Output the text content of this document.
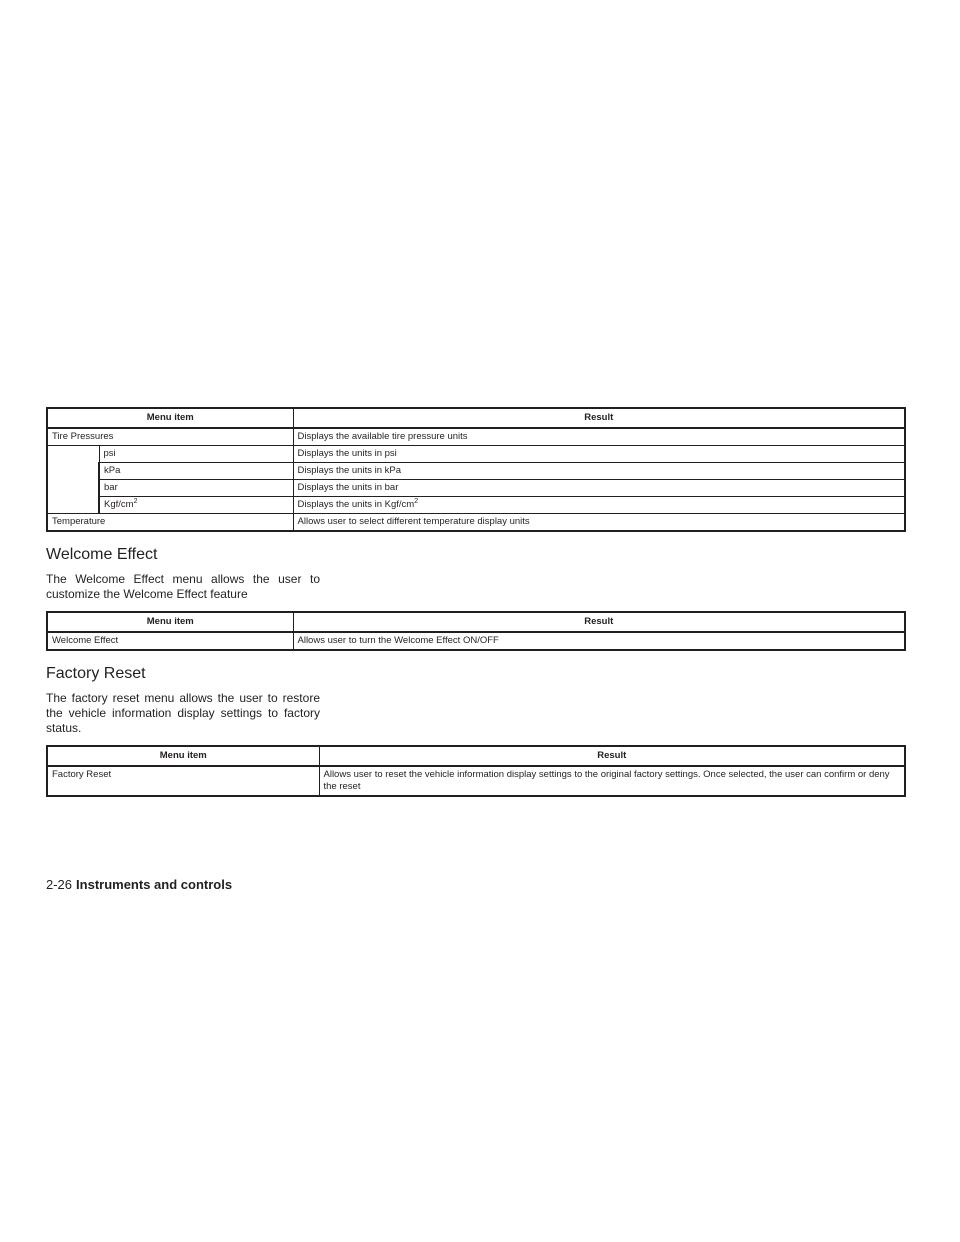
Menu item		Result
Tire Pressures		Displays the available tire pressure units
	psi	Displays the units in psi
	kPa	Displays the units in kPa
	bar	Displays the units in bar
	Kgf/$cm^2$	Displays the units in Kgf/$cm^2$
Temperature		Allows user to select different temperature display units
Welcome Effect

The Welcome Effect menu allows the user to customize the Welcome Effect feature

Menu item	Result
Welcome Effect	Allows user to turn the Welcome Effect ON/OFF
Factory Reset

The factory reset menu allows the user to restore the vehicle information display settings to factory status.

Menu item	Result
Factory Reset	Allows user to reset the vehicle information display settings to the original factory settings. Once selected, the user can confirm or deny the reset
2-26 Instruments and controls
